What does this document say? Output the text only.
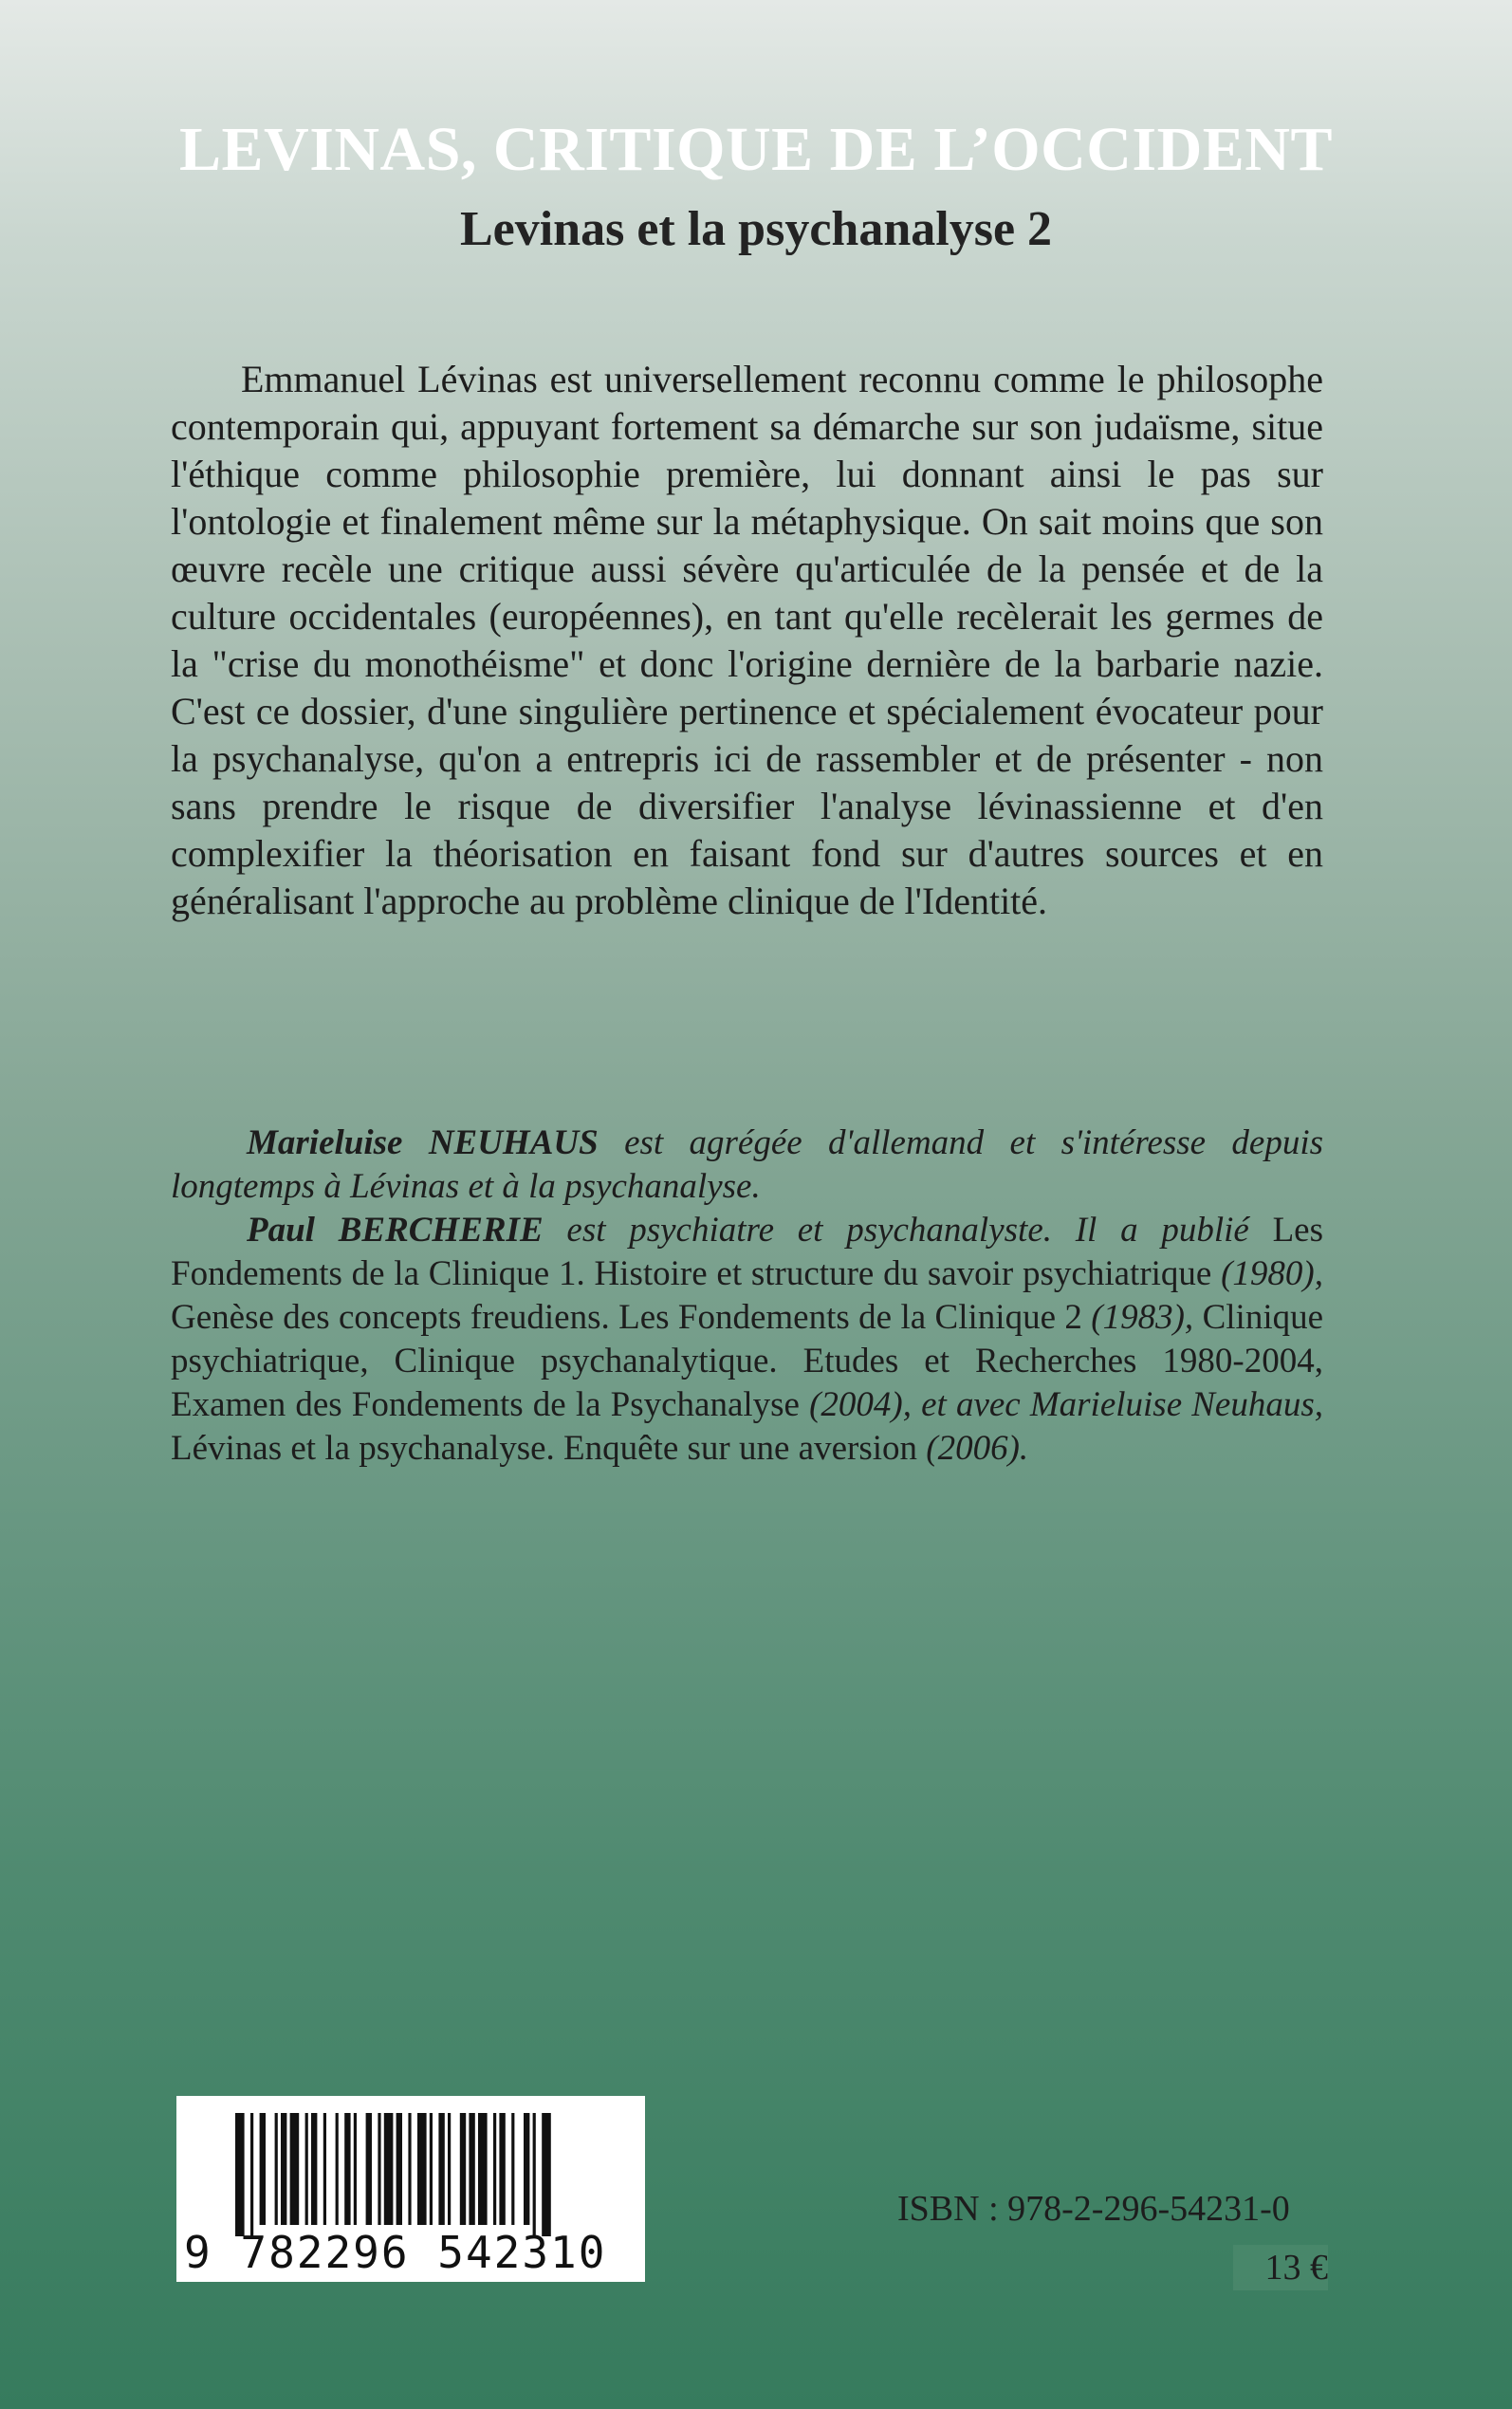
LEVINAS, CRITIQUE DE L’OCCIDENT
Levinas et la psychanalyse 2

Emmanuel Lévinas est universellement reconnu comme le philosophe contemporain qui, appuyant fortement sa démarche sur son judaïsme, situe l'éthique comme philosophie première, lui donnant ainsi le pas sur l'ontologie et finalement même sur la métaphysique. On sait moins que son œuvre recèle une critique aussi sévère qu'articulée de la pensée et de la culture occidentales (européennes), en tant qu'elle recèlerait les germes de la "crise du monothéisme" et donc l'origine dernière de la barbarie nazie. C'est ce dossier, d'une singulière pertinence et spécialement évocateur pour la psychanalyse, qu'on a entrepris ici de rassembler et de présenter - non sans prendre le risque de diversifier l'analyse lévinassienne et d'en complexifier la théorisation en faisant fond sur d'autres sources et en généralisant l'approche au problème clinique de l'Identité.

Marieluise NEUHAUS est agrégée d'allemand et s'intéresse depuis longtemps à Lévinas et à la psychanalyse.

Paul BERCHERIE est psychiatre et psychanalyste. Il a publié Les Fondements de la Clinique 1. Histoire et structure du savoir psychiatrique (1980), Genèse des concepts freudiens. Les Fondements de la Clinique 2 (1983), Clinique psychiatrique, Clinique psychanalytique. Etudes et Recherches 1980-2004, Examen des Fondements de la Psychanalyse (2004), et avec Marieluise Neuhaus, Lévinas et la psychanalyse. Enquête sur une aversion (2006).

9 782296 542310
ISBN : 978-2-296-54231-0
13 €
